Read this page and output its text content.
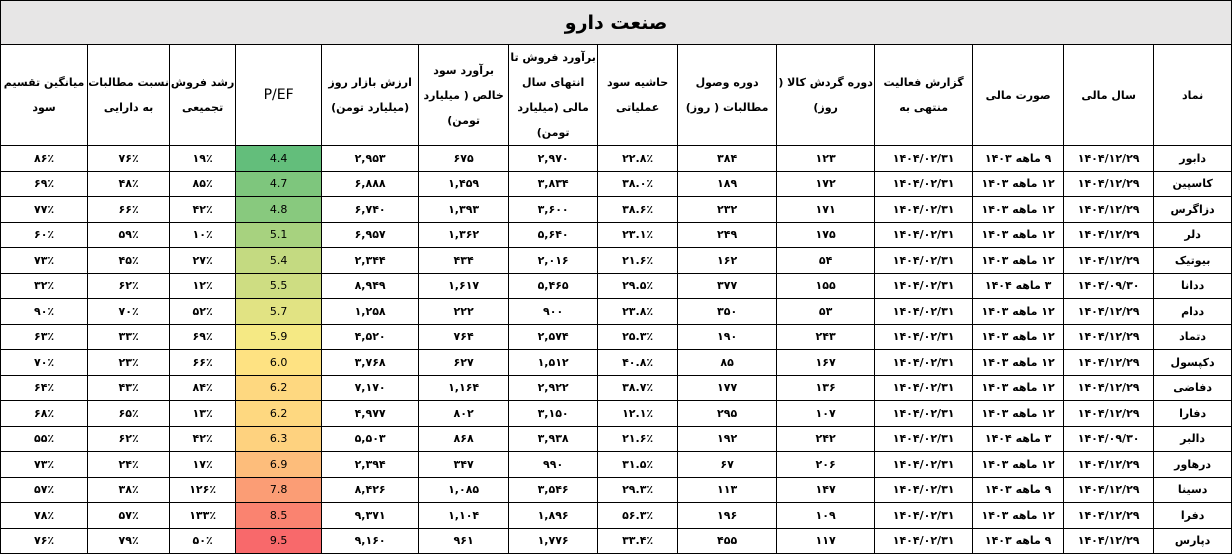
صنعت دارو													
نماد	سال مالی	صورت مالی	گزارش فعالیت منتهی به	دوره گردش کالا ( روز)	دوره وصول مطالبات ( روز)	حاشیه سود عملیاتی	برآورد فروش تا انتهای سال مالی (میلیارد تومن)	برآورد سود خالص ( میلیارد تومن)	ارزش بازار روز (میلیارد تومن)	P/EF	رشد فروش تجمیعی	نسبت مطالبات به دارایی	میانگین تقسیم سود
دابور	۱۴۰۴/۱۲/۲۹	۹ ماهه ۱۴۰۳	۱۴۰۴/۰۲/۳۱	۱۲۳	۳۸۴	۲۲.۸٪	۲,۹۷۰	۶۷۵	۲,۹۵۳	4.4	۱۹٪	۷۶٪	۸۶٪
کاسپین	۱۴۰۴/۱۲/۲۹	۱۲ ماهه ۱۴۰۳	۱۴۰۴/۰۲/۳۱	۱۷۲	۱۸۹	۳۸.۰٪	۳,۸۳۴	۱,۴۵۹	۶,۸۸۸	4.7	۸۵٪	۴۸٪	۶۹٪
دزاگرس	۱۴۰۴/۱۲/۲۹	۱۲ ماهه ۱۴۰۳	۱۴۰۴/۰۲/۳۱	۱۷۱	۲۳۲	۳۸.۶٪	۳,۶۰۰	۱,۳۹۳	۶,۷۴۰	4.8	۴۲٪	۶۶٪	۷۷٪
دلر	۱۴۰۴/۱۲/۲۹	۱۲ ماهه ۱۴۰۳	۱۴۰۴/۰۲/۳۱	۱۷۵	۲۴۹	۲۳.۱٪	۵,۶۴۰	۱,۳۶۲	۶,۹۵۷	5.1	۱۰٪	۵۹٪	۶۰٪
بیوتیک	۱۴۰۴/۱۲/۲۹	۱۲ ماهه ۱۴۰۳	۱۴۰۴/۰۲/۳۱	۵۴	۱۶۲	۲۱.۶٪	۲,۰۱۶	۴۳۴	۲,۳۴۴	5.4	۲۷٪	۴۵٪	۷۳٪
ددانا	۱۴۰۴/۰۹/۳۰	۳ ماهه ۱۴۰۴	۱۴۰۴/۰۲/۳۱	۱۵۵	۳۷۷	۲۹.۵٪	۵,۴۶۵	۱,۶۱۷	۸,۹۴۹	5.5	۱۲٪	۶۲٪	۳۲٪
ددام	۱۴۰۴/۱۲/۲۹	۱۲ ماهه ۱۴۰۳	۱۴۰۴/۰۲/۳۱	۵۳	۳۵۰	۲۳.۸٪	۹۰۰	۲۲۲	۱,۲۵۸	5.7	۵۲٪	۷۰٪	۹۰٪
دتماد	۱۴۰۴/۱۲/۲۹	۱۲ ماهه ۱۴۰۳	۱۴۰۴/۰۲/۳۱	۲۴۳	۱۹۰	۲۵.۳٪	۲,۵۷۴	۷۶۴	۴,۵۲۰	5.9	۶۹٪	۳۳٪	۶۳٪
دکپسول	۱۴۰۴/۱۲/۲۹	۱۲ ماهه ۱۴۰۳	۱۴۰۴/۰۲/۳۱	۱۶۷	۸۵	۴۰.۸٪	۱,۵۱۲	۶۲۷	۳,۷۶۸	6.0	۶۶٪	۲۳٪	۷۰٪
دفاضی	۱۴۰۴/۱۲/۲۹	۱۲ ماهه ۱۴۰۳	۱۴۰۴/۰۲/۳۱	۱۳۶	۱۷۷	۳۸.۷٪	۲,۹۲۲	۱,۱۶۴	۷,۱۷۰	6.2	۸۴٪	۴۳٪	۶۴٪
دفارا	۱۴۰۴/۱۲/۲۹	۱۲ ماهه ۱۴۰۳	۱۴۰۴/۰۲/۳۱	۱۰۷	۲۹۵	۱۲.۱٪	۳,۱۵۰	۸۰۲	۴,۹۷۷	6.2	۱۳٪	۶۵٪	۶۸٪
دالبر	۱۴۰۴/۰۹/۳۰	۳ ماهه ۱۴۰۴	۱۴۰۴/۰۲/۳۱	۲۴۲	۱۹۲	۲۱.۶٪	۳,۹۳۸	۸۶۸	۵,۵۰۳	6.3	۴۲٪	۶۲٪	۵۵٪
درهاور	۱۴۰۴/۱۲/۲۹	۱۲ ماهه ۱۴۰۳	۱۴۰۴/۰۲/۳۱	۲۰۶	۶۷	۳۱.۵٪	۹۹۰	۳۴۷	۲,۳۹۴	6.9	۱۷٪	۲۴٪	۷۳٪
دسینا	۱۴۰۴/۱۲/۲۹	۹ ماهه ۱۴۰۳	۱۴۰۴/۰۲/۳۱	۱۴۷	۱۱۳	۲۹.۳٪	۳,۵۴۶	۱,۰۸۵	۸,۴۲۶	7.8	۱۲۶٪	۳۸٪	۵۷٪
دفرا	۱۴۰۴/۱۲/۲۹	۱۲ ماهه ۱۴۰۳	۱۴۰۴/۰۲/۳۱	۱۰۹	۱۹۶	۵۶.۳٪	۱,۸۹۶	۱,۱۰۴	۹,۳۷۱	8.5	۱۳۳٪	۵۷٪	۷۸٪
دپارس	۱۴۰۴/۱۲/۲۹	۹ ماهه ۱۴۰۳	۱۴۰۴/۰۲/۳۱	۱۱۷	۴۵۵	۳۳.۴٪	۱,۷۷۶	۹۶۱	۹,۱۶۰	9.5	۵۰٪	۷۹٪	۷۶٪
